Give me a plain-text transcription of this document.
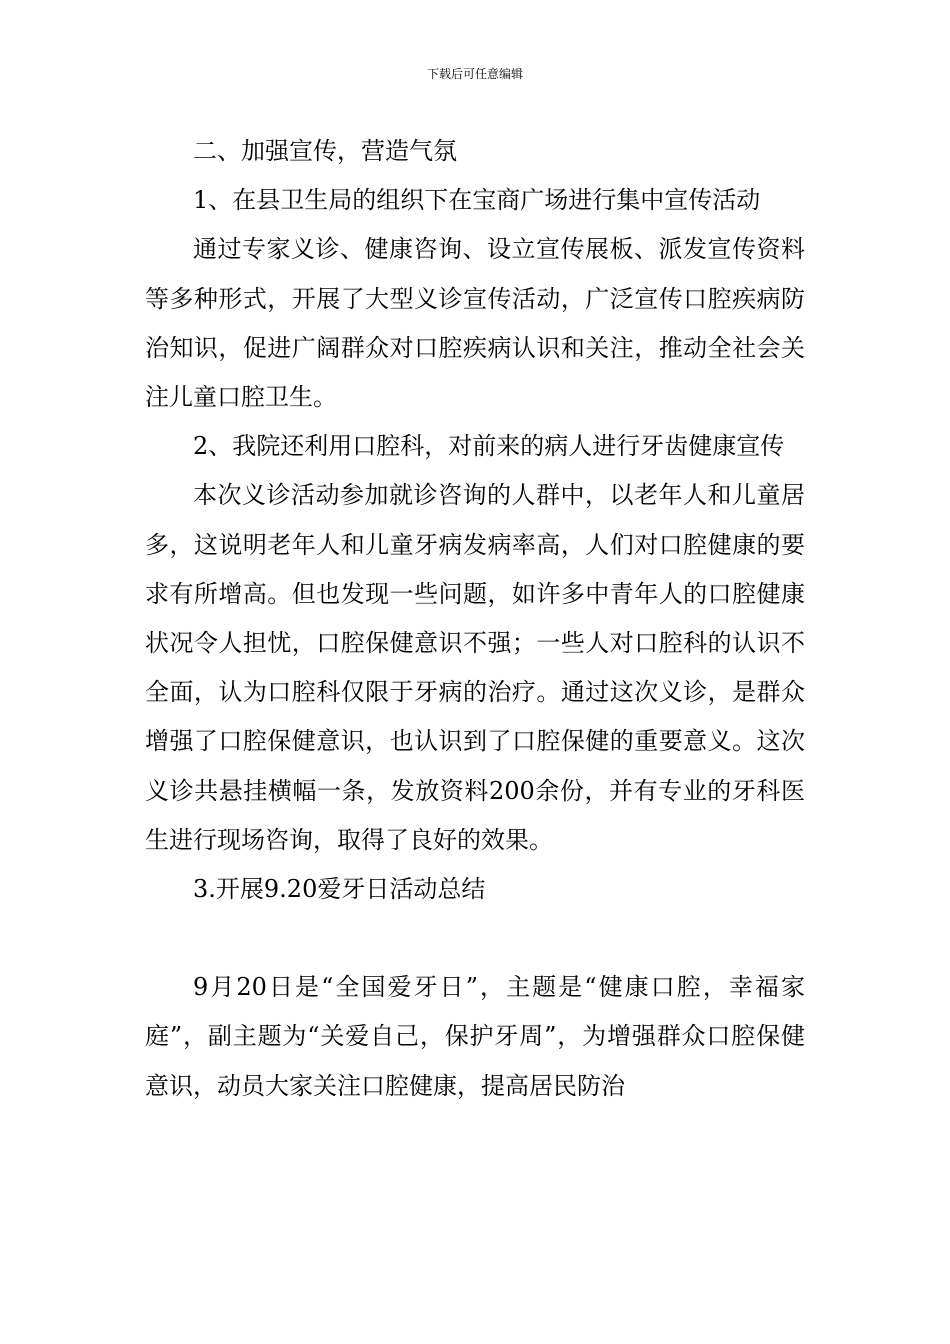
下载后可任意编辑

二、加强宣传，营造气氛

1、在县卫生局的组织下在宝商广场进行集中宣传活动

通过专家义诊、健康咨询、设立宣传展板、派发宣传资料等多种形式，开展了大型义诊宣传活动，广泛宣传口腔疾病防治知识，促进广阔群众对口腔疾病认识和关注，推动全社会关注儿童口腔卫生。

2、我院还利用口腔科，对前来的病人进行牙齿健康宣传

本次义诊活动参加就诊咨询的人群中，以老年人和儿童居多，这说明老年人和儿童牙病发病率高，人们对口腔健康的要求有所增高。但也发现一些问题，如许多中青年人的口腔健康状况令人担忧，口腔保健意识不强；一些人对口腔科的认识不全面，认为口腔科仅限于牙病的治疗。通过这次义诊，是群众增强了口腔保健意识，也认识到了口腔保健的重要意义。这次义诊共悬挂横幅一条，发放资料200余份，并有专业的牙科医生进行现场咨询，取得了良好的效果。

3.开展9.20爱牙日活动总结

9月20日是“全国爱牙日”，主题是“健康口腔，幸福家庭”，副主题为“关爱自己，保护牙周”，为增强群众口腔保健意识，动员大家关注口腔健康，提高居民防治
